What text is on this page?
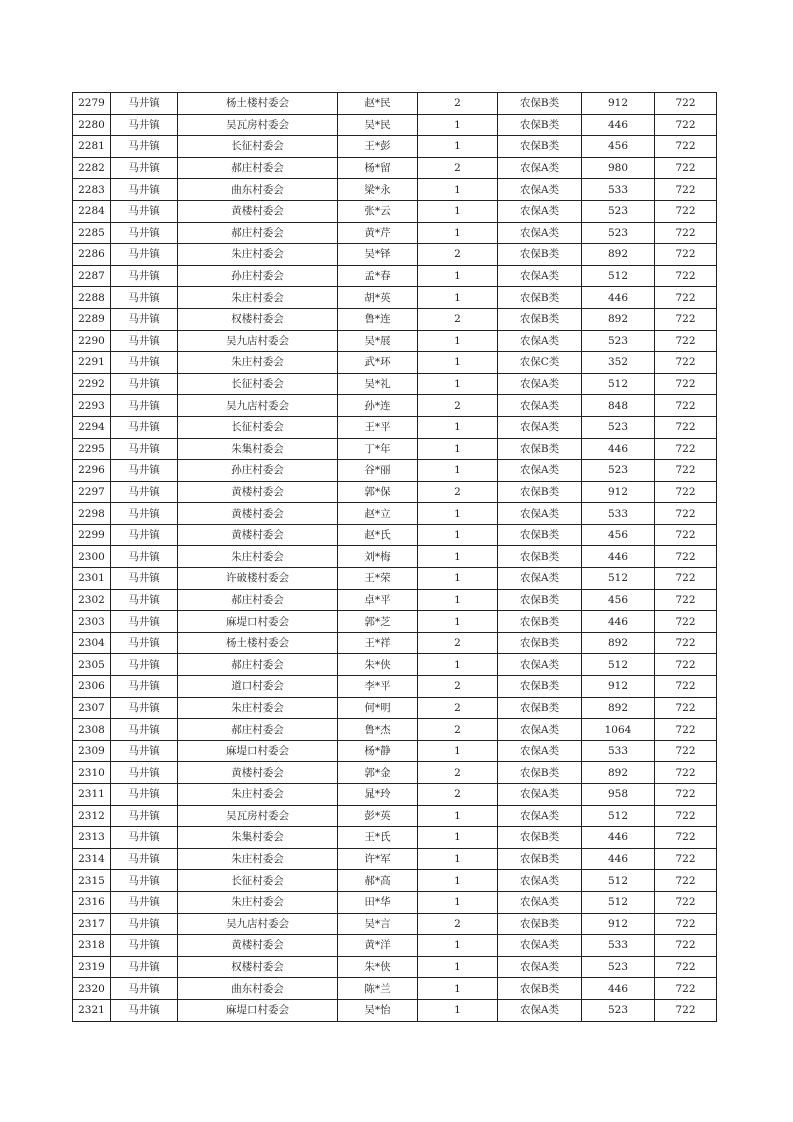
2279	马井镇	杨土楼村委会	赵*民	2	农保B类	912	722
2280	马井镇	吴瓦房村委会	吴*民	1	农保B类	446	722
2281	马井镇	长征村委会	王*彭	1	农保B类	456	722
2282	马井镇	郝庄村委会	杨*留	2	农保A类	980	722
2283	马井镇	曲东村委会	梁*永	1	农保A类	533	722
2284	马井镇	黄楼村委会	张*云	1	农保A类	523	722
2285	马井镇	郝庄村委会	黄*芹	1	农保A类	523	722
2286	马井镇	朱庄村委会	吴*铎	2	农保B类	892	722
2287	马井镇	孙庄村委会	孟*春	1	农保A类	512	722
2288	马井镇	朱庄村委会	胡*英	1	农保B类	446	722
2289	马井镇	权楼村委会	鲁*连	2	农保B类	892	722
2290	马井镇	吴九店村委会	吴*展	1	农保A类	523	722
2291	马井镇	朱庄村委会	武*环	1	农保C类	352	722
2292	马井镇	长征村委会	吴*礼	1	农保A类	512	722
2293	马井镇	吴九店村委会	孙*连	2	农保A类	848	722
2294	马井镇	长征村委会	王*平	1	农保A类	523	722
2295	马井镇	朱集村委会	丁*年	1	农保B类	446	722
2296	马井镇	孙庄村委会	谷*丽	1	农保A类	523	722
2297	马井镇	黄楼村委会	郭*保	2	农保B类	912	722
2298	马井镇	黄楼村委会	赵*立	1	农保A类	533	722
2299	马井镇	黄楼村委会	赵*氏	1	农保B类	456	722
2300	马井镇	朱庄村委会	刘*梅	1	农保B类	446	722
2301	马井镇	许破楼村委会	王*荣	1	农保A类	512	722
2302	马井镇	郝庄村委会	卓*平	1	农保B类	456	722
2303	马井镇	麻堤口村委会	郭*芝	1	农保B类	446	722
2304	马井镇	杨土楼村委会	王*祥	2	农保B类	892	722
2305	马井镇	郝庄村委会	朱*侠	1	农保A类	512	722
2306	马井镇	道口村委会	李*平	2	农保B类	912	722
2307	马井镇	朱庄村委会	何*明	2	农保B类	892	722
2308	马井镇	郝庄村委会	鲁*杰	2	农保A类	1064	722
2309	马井镇	麻堤口村委会	杨*静	1	农保A类	533	722
2310	马井镇	黄楼村委会	郭*金	2	农保B类	892	722
2311	马井镇	朱庄村委会	晁*玲	2	农保A类	958	722
2312	马井镇	吴瓦房村委会	彭*英	1	农保A类	512	722
2313	马井镇	朱集村委会	王*氏	1	农保B类	446	722
2314	马井镇	朱庄村委会	许*军	1	农保B类	446	722
2315	马井镇	长征村委会	郝*高	1	农保A类	512	722
2316	马井镇	朱庄村委会	田*华	1	农保A类	512	722
2317	马井镇	吴九店村委会	吴*言	2	农保B类	912	722
2318	马井镇	黄楼村委会	黄*洋	1	农保A类	533	722
2319	马井镇	权楼村委会	朱*侠	1	农保A类	523	722
2320	马井镇	曲东村委会	陈*兰	1	农保B类	446	722
2321	马井镇	麻堤口村委会	吴*怡	1	农保A类	523	722
